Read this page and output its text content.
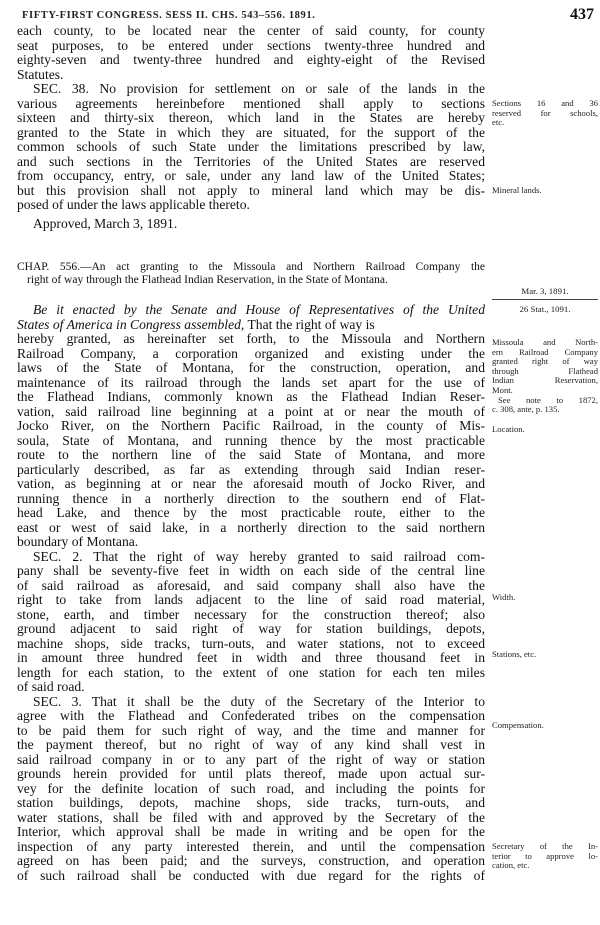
FIFTY-FIRST CONGRESS. SESS II. CHS. 543–556. 1891.	437
each county, to be located near the center of said county, for county
seat purposes, to be entered under sections twenty-three hundred and
eighty-seven and twenty-three hundred and eighty-eight of the Revised
Statutes.
SEC. 38. No provision for settlement on or sale of the lands in the
various agreements hereinbefore mentioned shall apply to sections
sixteen and thirty-six thereon, which land in the States are hereby
granted to the State in which they are situated, for the support of the
common schools of such State under the limitations prescribed by law,
and such sections in the Territories of the United States are reserved
from occupancy, entry, or sale, under any land law of the United States;
but this provision shall not apply to mineral land which may be dis-
posed of under the laws applicable thereto.
Approved, March 3, 1891.
CHAP. 556.—An act granting to the Missoula and Northern Railroad Company the
right of way through the Flathead Indian Reservation, in the State of Montana.
Be it enacted by the Senate and House of Representatives of the United
States of America in Congress assembled, That the right of way is
hereby granted, as hereinafter set forth, to the Missoula and Northern
Railroad Company, a corporation organized and existing under the
laws of the State of Montana, for the construction, operation, and
maintenance of its railroad through the lands set apart for the use of
the Flathead Indians, commonly known as the Flathead Indian Reser-
vation, said railroad line beginning at a point at or near the mouth of
Jocko River, on the Northern Pacific Railroad, in the county of Mis-
soula, State of Montana, and running thence by the most practicable
route to the northern line of the said State of Montana, and more
particularly described, as far as extending through said Indian reser-
vation, as beginning at or near the aforesaid mouth of Jocko River, and
running thence in a northerly direction to the southern end of Flat-
head Lake, and thence by the most practicable route, either to the
east or west of said lake, in a northerly direction to the said northern
boundary of Montana.
SEC. 2. That the right of way hereby granted to said railroad com-
pany shall be seventy-five feet in width on each side of the central line
of said railroad as aforesaid, and said company shall also have the
right to take from lands adjacent to the line of said road material,
stone, earth, and timber necessary for the construction thereof; also
ground adjacent to said right of way for station buildings, depots,
machine shops, side tracks, turn-outs, and water stations, not to exceed
in amount three hundred feet in width and three thousand feet in
length for each station, to the extent of one station for each ten miles
of said road.
SEC. 3. That it shall be the duty of the Secretary of the Interior to
agree with the Flathead and Confederated tribes on the compensation
to be paid them for such right of way, and the time and manner for
the payment thereof, but no right of way of any kind shall vest in
said railroad company in or to any part of the right of way or station
grounds herein provided for until plats thereof, made upon actual sur-
vey for the definite location of such road, and including the points for
station buildings, depots, machine shops, side tracks, turn-outs, and
water stations, shall be filed with and approved by the Secretary of the
Interior, which approval shall be made in writing and be open for the
inspection of any party interested therein, and until the compensation
agreed on has been paid; and the surveys, construction, and operation
of such railroad shall be conducted with due regard for the rights of
Sections 16 and 36
reserved for schools,
etc.
Mineral lands.
Mar. 3, 1891.
26 Stat., 1091.
Missoula and North-
ern Railroad Company
granted right of way
through Flathead
Indian Reservation,
Mont.
See note to 1872,
c. 308, ante, p. 135.
Location.
Width.
Stations, etc.
Compensation.
Secretary of the In-
terior to approve lo-
cation, etc.
